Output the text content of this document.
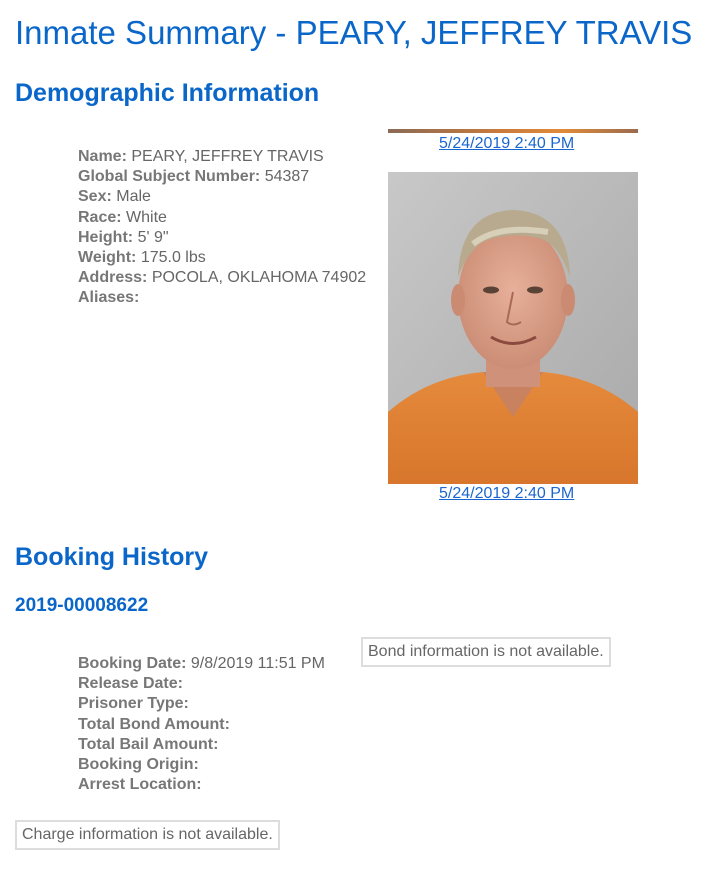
Inmate Summary - PEARY, JEFFREY TRAVIS
Demographic Information
5/24/2019 2:40 PM
Name: PEARY, JEFFREY TRAVIS
Global Subject Number: 54387
Sex: Male
Race: White
Height: 5' 9"
Weight: 175.0 lbs
Address: POCOLA, OKLAHOMA 74902
Aliases:
5/24/2019 2:40 PM
Booking History
2019-00008622
Bond information is not available.
Booking Date: 9/8/2019 11:51 PM
Release Date:
Prisoner Type:
Total Bond Amount:
Total Bail Amount:
Booking Origin:
Arrest Location:
Charge information is not available.
